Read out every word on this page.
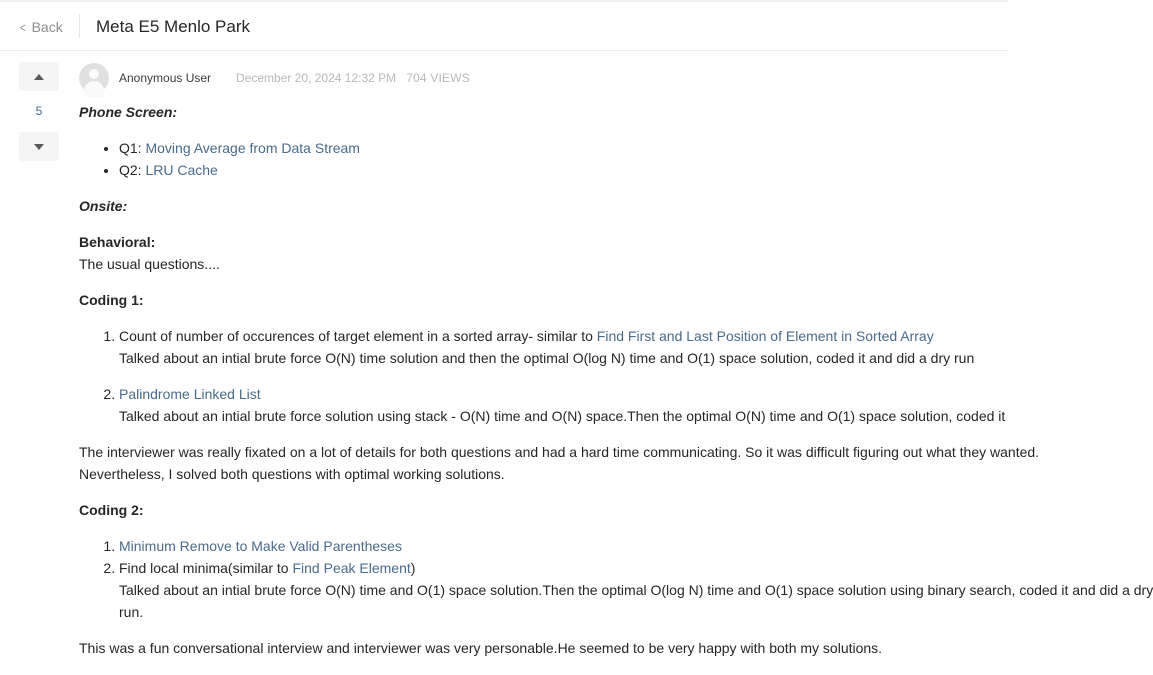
< Back Meta E5 Menlo Park
5
Anonymous User December 20, 2024 12:32 PM 704 VIEWS

Phone Screen:

• Q1: Moving Average from Data Stream
• Q2: LRU Cache

Onsite:

Behavioral:

The usual questions....

Coding 1:

1. Count of number of occurences of target element in a sorted array- similar to Find First and Last Position of Element in Sorted Array
Talked about an intial brute force O(N) time solution and then the optimal O(log N) time and O(1) space solution, coded it and did a dry run
2. Palindrome Linked List
Talked about an intial brute force solution using stack - O(N) time and O(N) space.Then the optimal O(N) time and O(1) space solution, coded it

The interviewer was really fixated on a lot of details for both questions and had a hard time communicating. So it was difficult figuring out what they wanted.

Nevertheless, I solved both questions with optimal working solutions.

Coding 2:

1. Minimum Remove to Make Valid Parentheses
2. Find local minima(similar to Find Peak Element)
Talked about an intial brute force O(N) time and O(1) space solution.Then the optimal O(log N) time and O(1) space solution using binary search, coded it and did a dry
run.

This was a fun conversational interview and interviewer was very personable.He seemed to be very happy with both my solutions.
